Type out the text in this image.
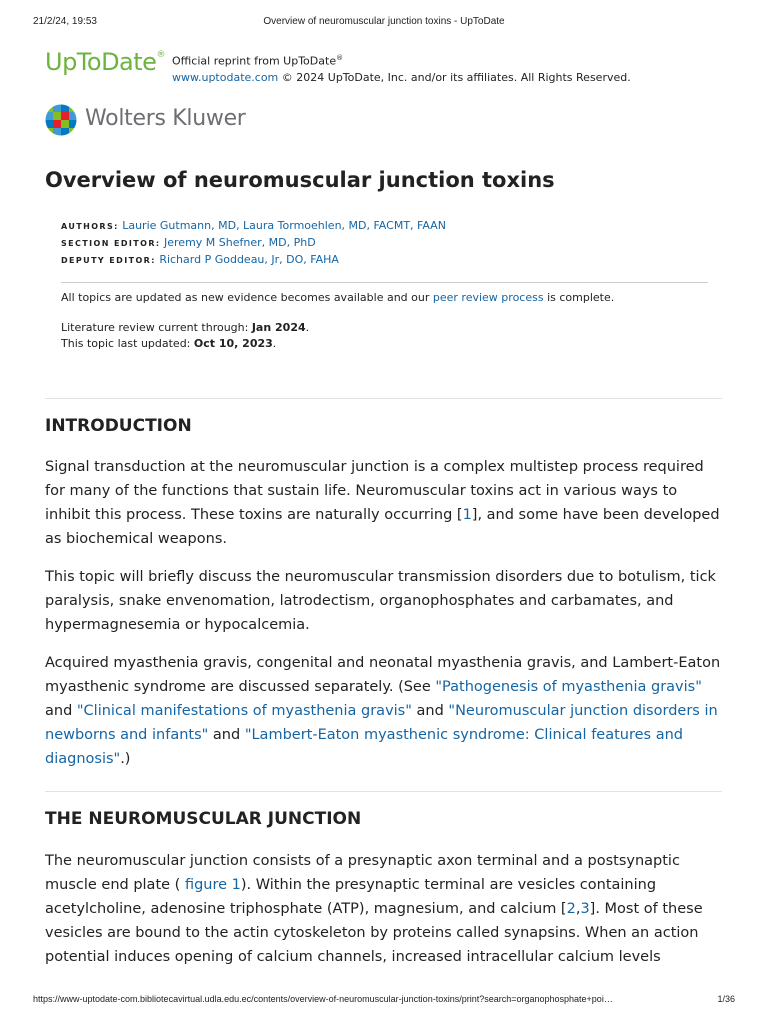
21/2/24, 19:53	Overview of neuromuscular junction toxins - UpToDate
UpToDate® Official reprint from UpToDate®
www.uptodate.com © 2024 UpToDate, Inc. and/or its affiliates. All Rights Reserved.
Wolters Kluwer
Overview of neuromuscular junction toxins
AUTHORS: Laurie Gutmann, MD, Laura Tormoehlen, MD, FACMT, FAAN
SECTION EDITOR: Jeremy M Shefner, MD, PhD
DEPUTY EDITOR: Richard P Goddeau, Jr, DO, FAHA

All topics are updated as new evidence becomes available and our peer review process is complete.

Literature review current through: Jan 2024.

This topic last updated: Oct 10, 2023.

INTRODUCTION

Signal transduction at the neuromuscular junction is a complex multistep process required for many of the functions that sustain life. Neuromuscular toxins act in various ways to inhibit this process. These toxins are naturally occurring [1], and some have been developed as biochemical weapons.

This topic will briefly discuss the neuromuscular transmission disorders due to botulism, tick paralysis, snake envenomation, latrodectism, organophosphates and carbamates, and hypermagnesemia or hypocalcemia.

Acquired myasthenia gravis, congenital and neonatal myasthenia gravis, and Lambert-Eaton myasthenic syndrome are discussed separately. (See "Pathogenesis of myasthenia gravis" and "Clinical manifestations of myasthenia gravis" and "Neuromuscular junction disorders in newborns and infants" and "Lambert-Eaton myasthenic syndrome: Clinical features and diagnosis".)

THE NEUROMUSCULAR JUNCTION

The neuromuscular junction consists of a presynaptic axon terminal and a postsynaptic muscle end plate ( figure 1). Within the presynaptic terminal are vesicles containing acetylcholine, adenosine triphosphate (ATP), magnesium, and calcium [2,3]. Most of these vesicles are bound to the actin cytoskeleton by proteins called synapsins. When an action potential induces opening of calcium channels, increased intracellular calcium levels

https://www-uptodate-com.bibliotecavirtual.udla.edu.ec/contents/overview-of-neuromuscular-junction-toxins/print?search=organophosphate+poi…	1/36
